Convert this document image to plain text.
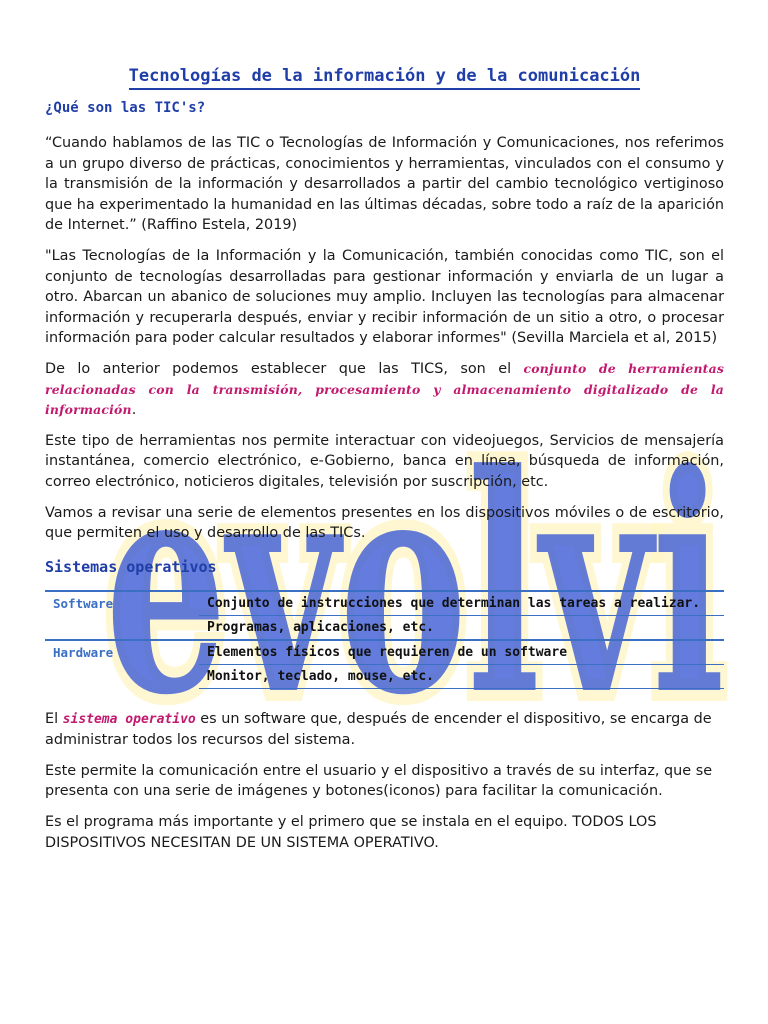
evolvi
Tecnologías de la información y de la comunicación
¿Qué son las TIC's?

“Cuando hablamos de las TIC o Tecnologías de Información y Comunicaciones, nos referimos a un grupo diverso de prácticas, conocimientos y herramientas, vinculados con el consumo y la transmisión de la información y desarrollados a partir del cambio tecnológico vertiginoso que ha experimentado la humanidad en las últimas décadas, sobre todo a raíz de la aparición de Internet.” (Raffino Estela, 2019)

"Las Tecnologías de la Información y la Comunicación, también conocidas como TIC, son el conjunto de tecnologías desarrolladas para gestionar información y enviarla de un lugar a otro. Abarcan un abanico de soluciones muy amplio. Incluyen las tecnologías para almacenar información y recuperarla después, enviar y recibir información de un sitio a otro, o procesar información para poder calcular resultados y elaborar informes" (Sevilla Marciela et al, 2015)

De lo anterior podemos establecer que las TICS, son el conjunto de herramientas relacionadas con la transmisión, procesamiento y almacenamiento digitalizado de la información.

Este tipo de herramientas nos permite interactuar con videojuegos, Servicios de mensajería instantánea, comercio electrónico, e-Gobierno, banca en línea, búsqueda de información, correo electrónico, noticieros digitales, televisión por suscripción, etc.

Vamos a revisar una serie de elementos presentes en los dispositivos móviles o de escritorio, que permiten el uso y desarrollo de las TICs.

Sistemas operativos
Software	Conjunto de instrucciones que determinan las tareas a realizar.
	Programas, aplicaciones, etc.
Hardware	Elementos físicos que requieren de un software
	Monitor, teclado, mouse, etc.

El sistema operativo es un software que, después de encender el dispositivo, se encarga de administrar todos los recursos del sistema.

Este permite la comunicación entre el usuario y el dispositivo a través de su interfaz, que se presenta con una serie de imágenes y botones(iconos) para facilitar la comunicación.

Es el programa más importante y el primero que se instala en el equipo. TODOS LOS DISPOSITIVOS NECESITAN DE UN SISTEMA OPERATIVO.
